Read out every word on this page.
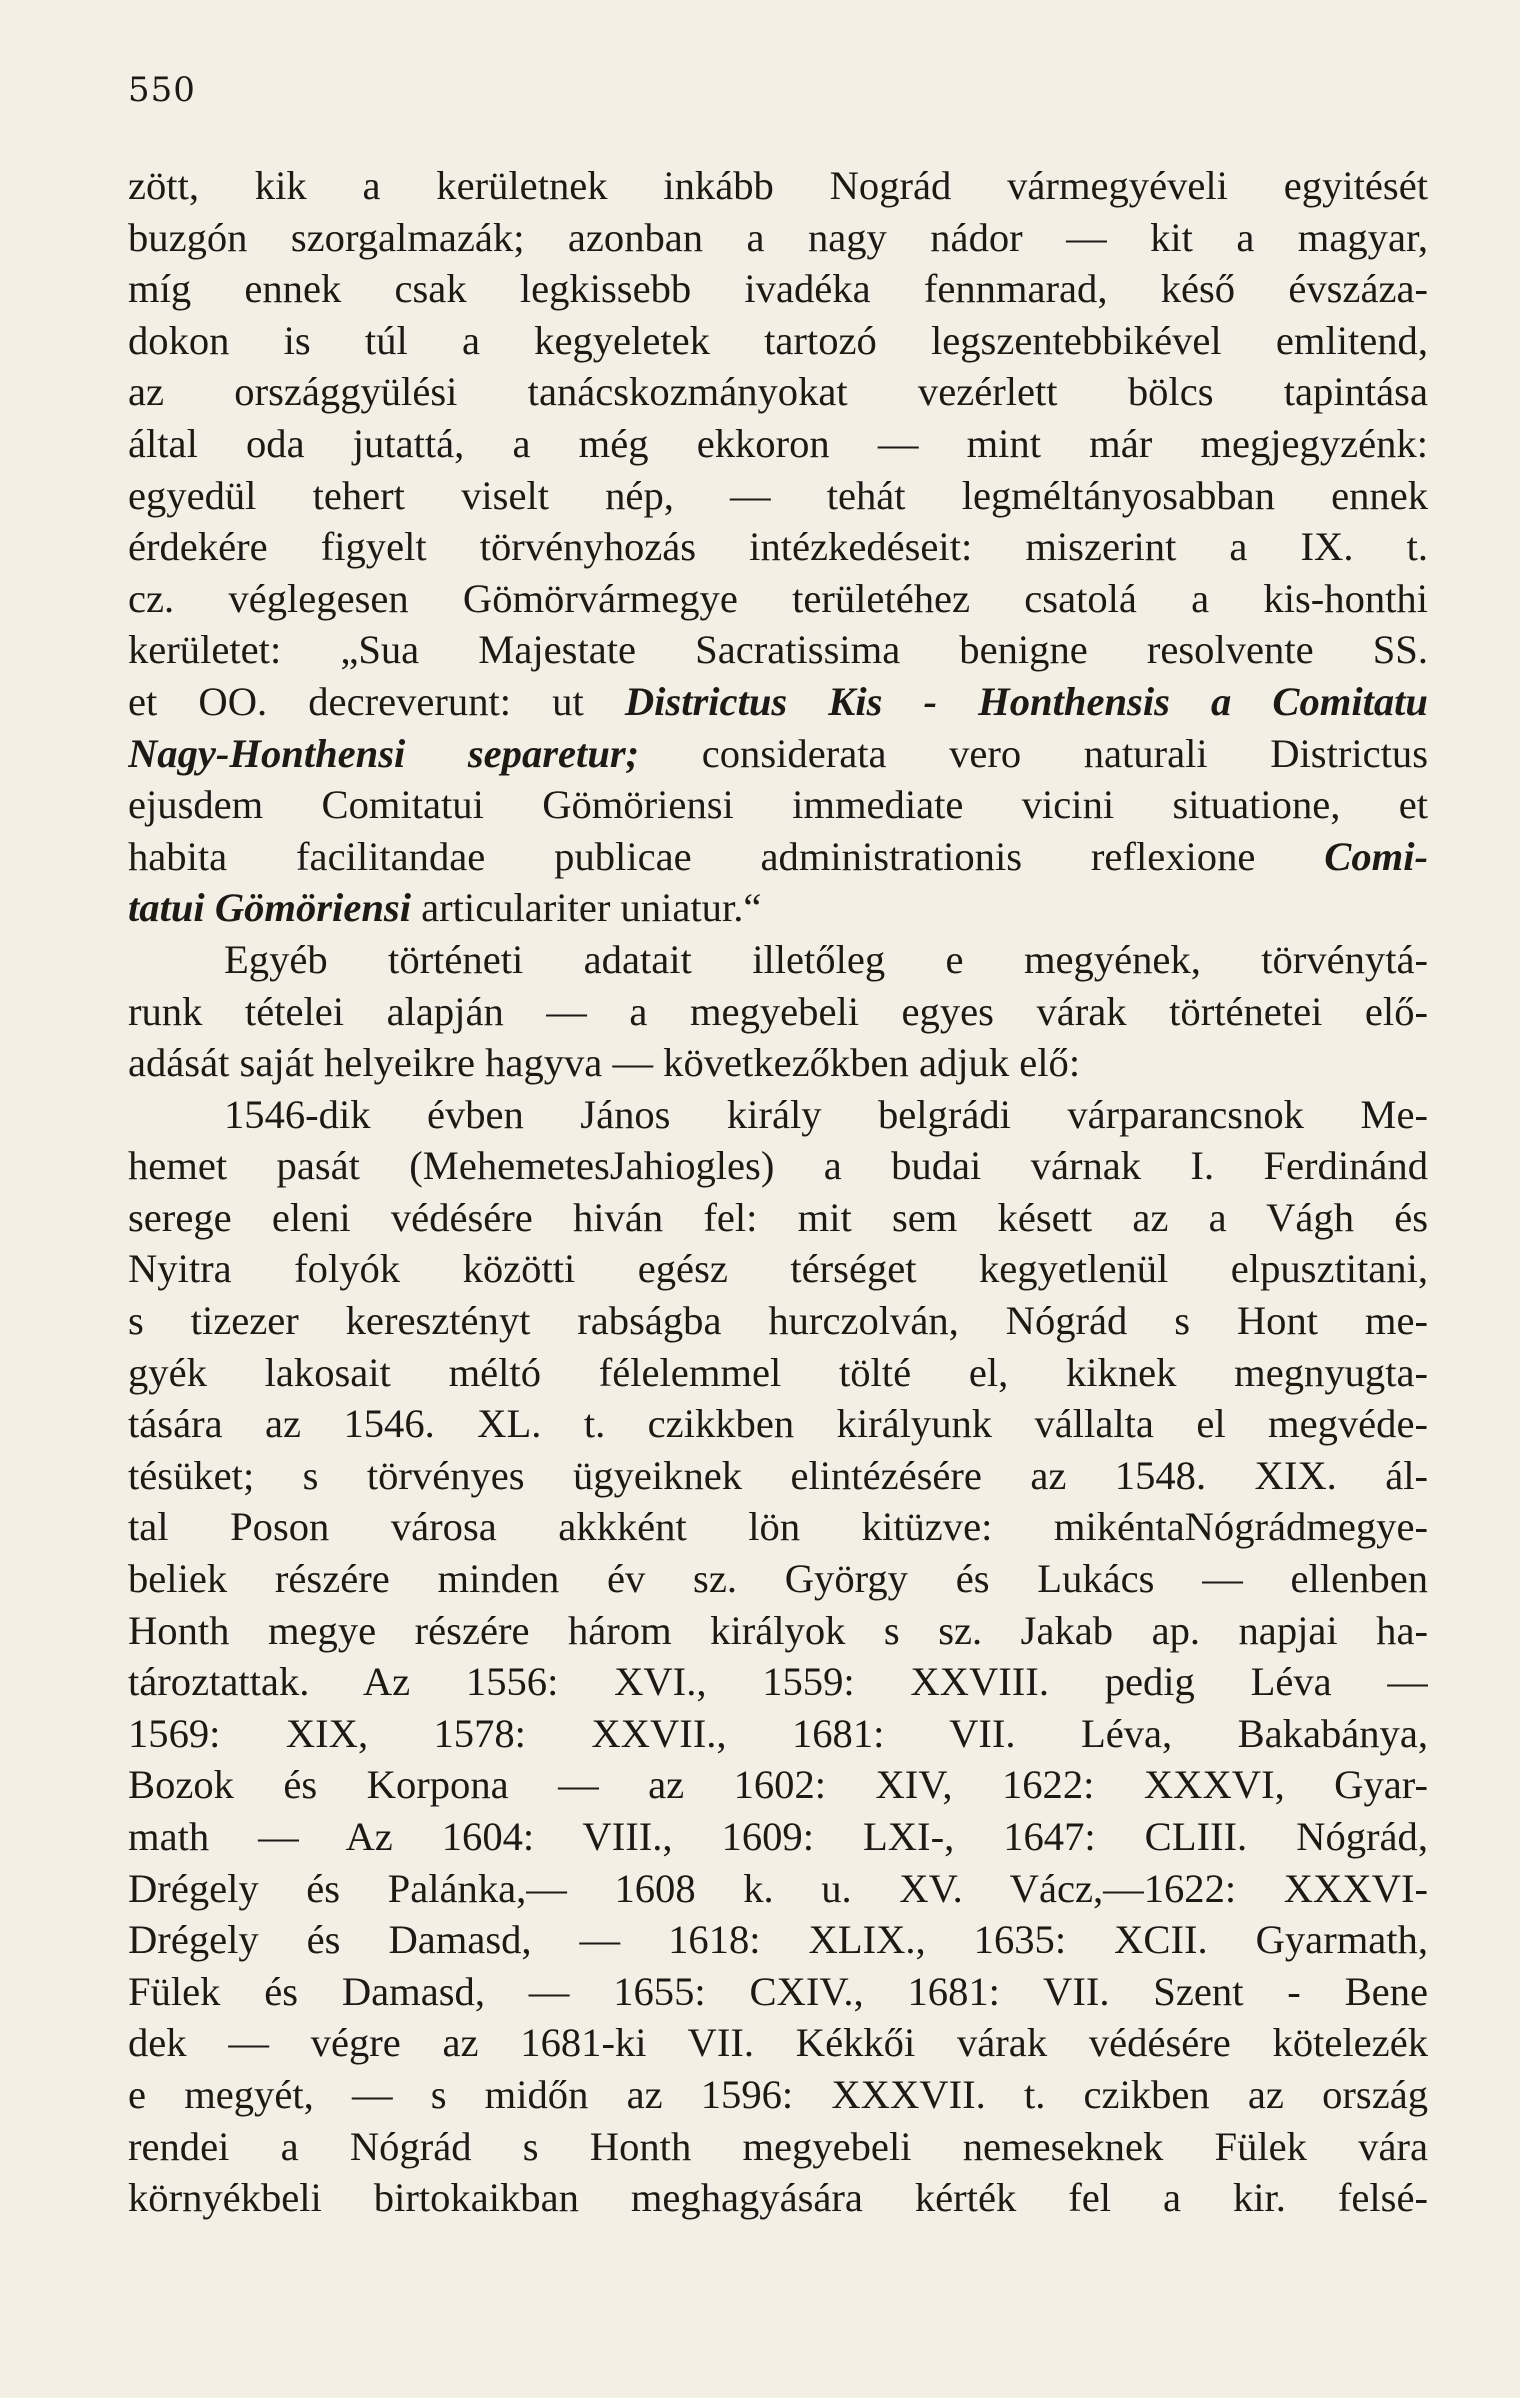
550
zött, kik a kerületnek inkább Nográd vármegyéveli egyitését
buzgón szorgalmazák; azonban a nagy nádor — kit a magyar,
míg ennek csak legkissebb ivadéka fennmarad, késő évszáza-
dokon is túl a kegyeletek tartozó legszentebbikével emlitend,
az országgyülési tanácskozmányokat vezérlett bölcs tapintása
által oda jutattá, a még ekkoron — mint már megjegyzénk:
egyedül tehert viselt nép, — tehát legméltányosabban ennek
érdekére figyelt törvényhozás intézkedéseit: miszerint a IX. t.
cz. véglegesen Gömörvármegye területéhez csatolá a kis-honthi
kerületet: „Sua Majestate Sacratissima benigne resolvente SS.
et OO. decreverunt: ut Districtus Kis - Honthensis a Comitatu
Nagy-Honthensi separetur; considerata vero naturali Districtus
ejusdem Comitatui Gömöriensi immediate vicini situatione, et
habita facilitandae publicae administrationis reflexione Comi-
tatui Gömöriensi articulariter uniatur.“
Egyéb történeti adatait illetőleg e megyének, törvénytá-
runk tételei alapján — a megyebeli egyes várak történetei elő-
adását saját helyeikre hagyva — következőkben adjuk elő:
1546-dik évben János király belgrádi várparancsnok Me-
hemet pasát (MehemetesJahiogles) a budai várnak I. Ferdinánd
serege eleni védésére hiván fel: mit sem késett az a Vágh és
Nyitra folyók közötti egész térséget kegyetlenül elpusztitani,
s tizezer keresztényt rabságba hurczolván, Nógrád s Hont me-
gyék lakosait méltó félelemmel tölté el, kiknek megnyugta-
tására az 1546. XL. t. czikkben királyunk vállalta el megvéde-
tésüket; s törvényes ügyeiknek elintézésére az 1548. XIX. ál-
tal Poson városa akkként lön kitüzve: mikéntaNógrádmegye-
beliek részére minden év sz. György és Lukács — ellenben
Honth megye részére három királyok s sz. Jakab ap. napjai ha-
tároztattak. Az 1556: XVI., 1559: XXVIII. pedig Léva —
1569: XIX, 1578: XXVII., 1681: VII. Léva, Bakabánya,
Bozok és Korpona — az 1602: XIV, 1622: XXXVI, Gyar-
math — Az 1604: VIII., 1609: LXI-, 1647: CLIII. Nógrád,
Drégely és Palánka,— 1608 k. u. XV. Vácz,—1622: XXXVI-
Drégely és Damasd, — 1618: XLIX., 1635: XCII. Gyarmath,
Fülek és Damasd, — 1655: CXIV., 1681: VII. Szent - Bene
dek — végre az 1681-ki VII. Kékkői várak védésére kötelezék
e megyét, — s midőn az 1596: XXXVII. t. czikben az ország
rendei a Nógrád s Honth megyebeli nemeseknek Fülek vára
környékbeli birtokaikban meghagyására kérték fel a kir. felsé-
